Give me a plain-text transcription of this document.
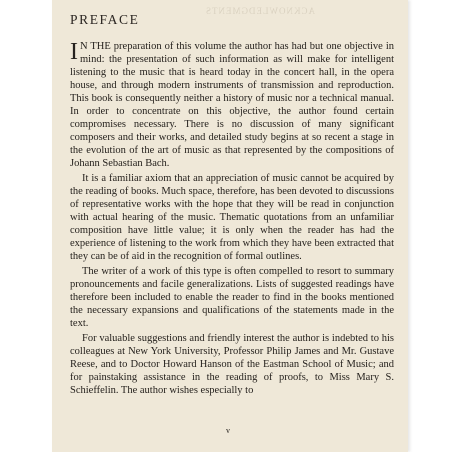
ACKNOWLEDGMENTS
PREFACE

I N THE preparation of this volume the author has had but one objective in mind: the presentation of such information as will make for intelligent listening to the music that is heard today in the concert hall, in the opera house, and through modern instruments of transmission and reproduction. This book is consequently neither a history of music nor a technical manual. In order to concentrate on this objective, the author found certain compromises necessary. There is no discussion of many significant composers and their works, and detailed study begins at so recent a stage in the evolution of the art of music as that represented by the compositions of Johann Sebastian Bach.

It is a familiar axiom that an appreciation of music cannot be acquired by the reading of books. Much space, therefore, has been devoted to discussions of representative works with the hope that they will be read in conjunction with actual hearing of the music. Thematic quotations from an unfamiliar composition have little value; it is only when the reader has had the experience of listening to the work from which they have been extracted that they can be of aid in the recognition of formal outlines.

The writer of a work of this type is often compelled to resort to summary pronouncements and facile generalizations. Lists of suggested readings have therefore been included to enable the reader to find in the books mentioned the necessary expansions and qualifications of the statements made in the text.

For valuable suggestions and friendly interest the author is indebted to his colleagues at New York University, Professor Philip James and Mr. Gustave Reese, and to Doctor Howard Hanson of the Eastman School of Music; and for painstaking assistance in the reading of proofs, to Miss Mary S. Schieffelin. The author wishes especially to

v
